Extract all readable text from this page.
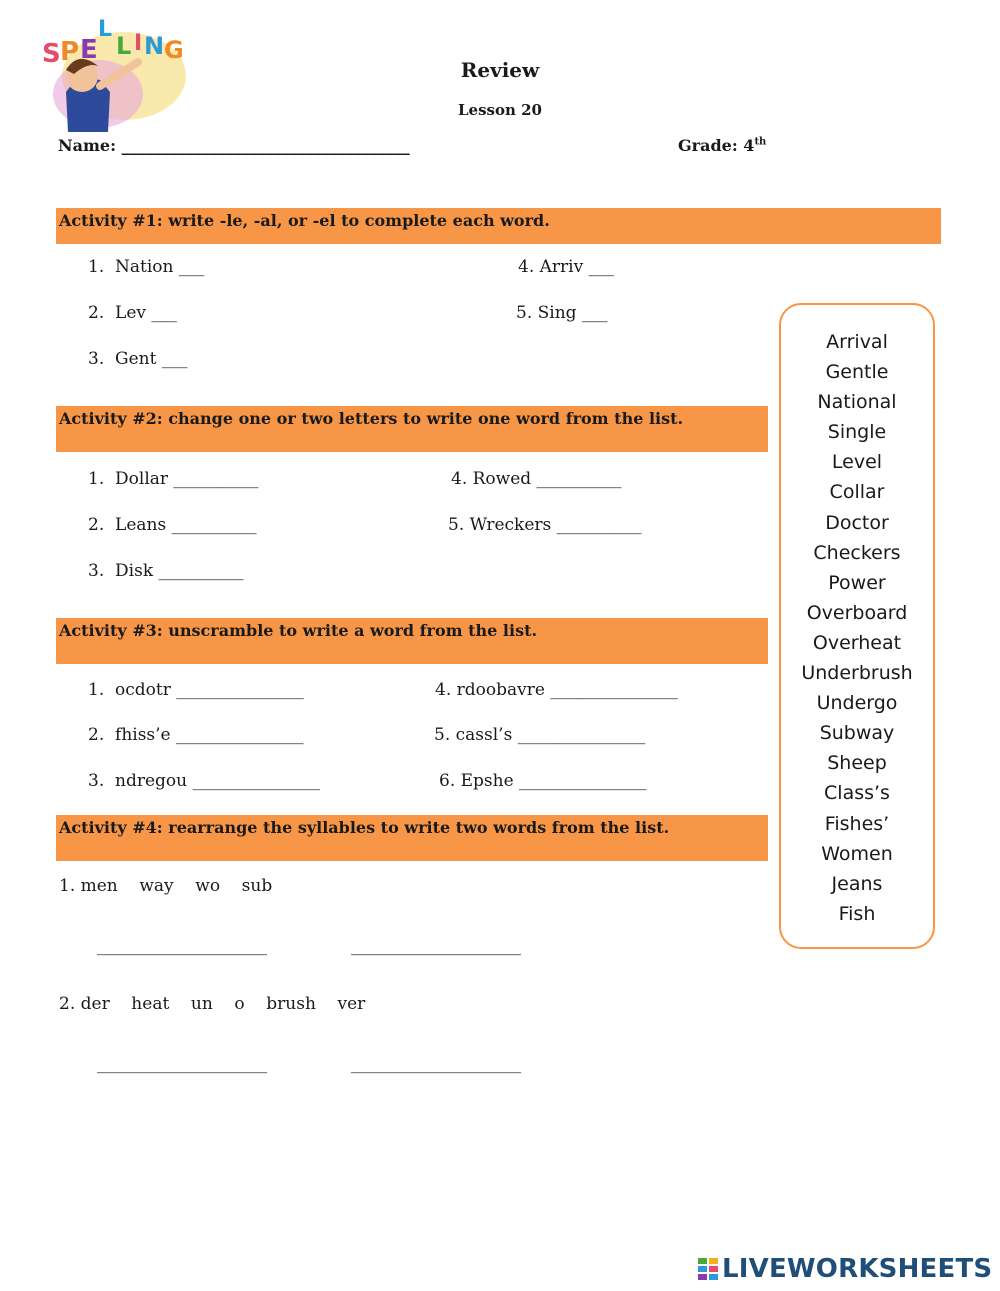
S P E
L
L I N G
Review
Lesson 20
Name: ____________________________________	Grade: 4th
Activity #1: write -le, -al, or -el to complete each word.
1.  Nation ___
2.  Lev ___
3.  Gent ___
4. Arriv ___
5. Sing ___
Activity #2: change one or two letters to write one word from the list.
1.  Dollar __________
2.  Leans __________
3.  Disk __________
4. Rowed __________
5. Wreckers __________
Activity #3: unscramble to write a word from the list.
1.  ocdotr _______________
2.  fhiss’e _______________
3.  ndregou _______________
4. rdoobavre _______________
5. cassl’s _______________
6. Epshe _______________
Activity #4: rearrange the syllables to write two words from the list.
1. men    way    wo    sub
____________________	____________________
2. der    heat    un    o    brush    ver
____________________	____________________
Arrival
Gentle
National
Single
Level
Collar
Doctor
Checkers
Power
Overboard
Overheat
Underbrush
Undergo
Subway
Sheep
Class’s
Fishes’
Women
Jeans
Fish
LIVEWORKSHEETS
